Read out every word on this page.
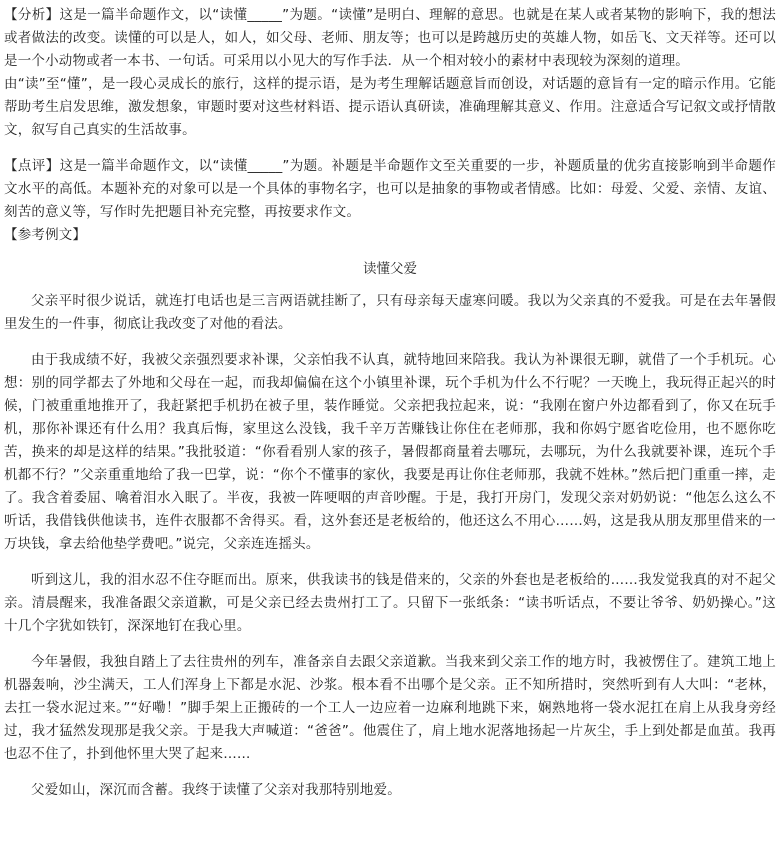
【分析】这是一篇半命题作文，以“读懂_____”为题。“读懂”是明白、理解的意思。也就是在某人或者某物的影响下，我的想法或者做法的改变。读懂的可以是人，如人，如父母、老师、朋友等；也可以是跨越历史的英雄人物，如岳飞、文天祥等。还可以是一个小动物或者一本书、一句话。可采用以小见大的写作手法．从一个相对较小的素材中表现较为深刻的道理。

由“读”至“懂”，是一段心灵成长的旅行，这样的提示语，是为考生理解话题意旨而创设，对话题的意旨有一定的暗示作用。它能帮助考生启发思维，激发想象，审题时要对这些材料语、提示语认真研读，准确理解其意义、作用。注意适合写记叙文或抒情散文，叙写自己真实的生活故事。

【点评】这是一篇半命题作文，以“读懂_____”为题。补题是半命题作文至关重要的一步，补题质量的优劣直接影响到半命题作文水平的高低。本题补充的对象可以是一个具体的事物名字，也可以是抽象的事物或者情感。比如：母爱、父爱、亲情、友谊、刻苦的意义等，写作时先把题目补充完整，再按要求作文。

【参考例文】

读懂父爱

父亲平时很少说话，就连打电话也是三言两语就挂断了，只有母亲每天虚寒问暖。我以为父亲真的不爱我。可是在去年暑假里发生的一件事，彻底让我改变了对他的看法。

由于我成绩不好，我被父亲强烈要求补课，父亲怕我不认真，就特地回来陪我。我认为补课很无聊，就借了一个手机玩。心想：别的同学都去了外地和父母在一起，而我却偏偏在这个小镇里补课，玩个手机为什么不行呢？一天晚上，我玩得正起兴的时候，门被重重地推开了，我赶紧把手机扔在被子里，装作睡觉。父亲把我拉起来，说：“我刚在窗户外边都看到了，你又在玩手机，那你补课还有什么用？我真后悔，家里这么没钱，我千辛万苦赚钱让你住在老师那，我和你妈宁愿省吃俭用，也不愿你吃苦，换来的却是这样的结果。”我批驳道：“你看看别人家的孩子，暑假都商量着去哪玩，去哪玩，为什么我就要补课，连玩个手机都不行？”父亲重重地给了我一巴掌，说：“你个不懂事的家伙，我要是再让你住老师那，我就不姓林。”然后把门重重一摔，走了。我含着委屈、噙着泪水入眠了。半夜，我被一阵哽咽的声音吵醒。于是，我打开房门，发现父亲对奶奶说：“他怎么这么不听话，我借钱供他读书，连件衣服都不舍得买。看，这外套还是老板给的，他还这么不用心……妈，这是我从朋友那里借来的一万块钱，拿去给他垫学费吧。”说完，父亲连连摇头。

听到这儿，我的泪水忍不住夺眶而出。原来，供我读书的钱是借来的，父亲的外套也是老板给的……我发觉我真的对不起父亲。清晨醒来，我准备跟父亲道歉，可是父亲已经去贵州打工了。只留下一张纸条：“读书听话点，不要让爷爷、奶奶操心。”这十几个字犹如铁钉，深深地钉在我心里。

今年暑假，我独自踏上了去往贵州的列车，准备亲自去跟父亲道歉。当我来到父亲工作的地方时，我被愣住了。建筑工地上机器轰响，沙尘满天，工人们浑身上下都是水泥、沙浆。根本看不出哪个是父亲。正不知所措时，突然听到有人大叫：“老林，去扛一袋水泥过来。”“好嘞！”脚手架上正搬砖的一个工人一边应着一边麻利地跳下来，娴熟地将一袋水泥扛在肩上从我身旁经过，我才猛然发现那是我父亲。于是我大声喊道：“爸爸”。他震住了，肩上地水泥落地扬起一片灰尘，手上到处都是血茧。我再也忍不住了，扑到他怀里大哭了起来……

父爱如山，深沉而含蓄。我终于读懂了父亲对我那特别地爱。
